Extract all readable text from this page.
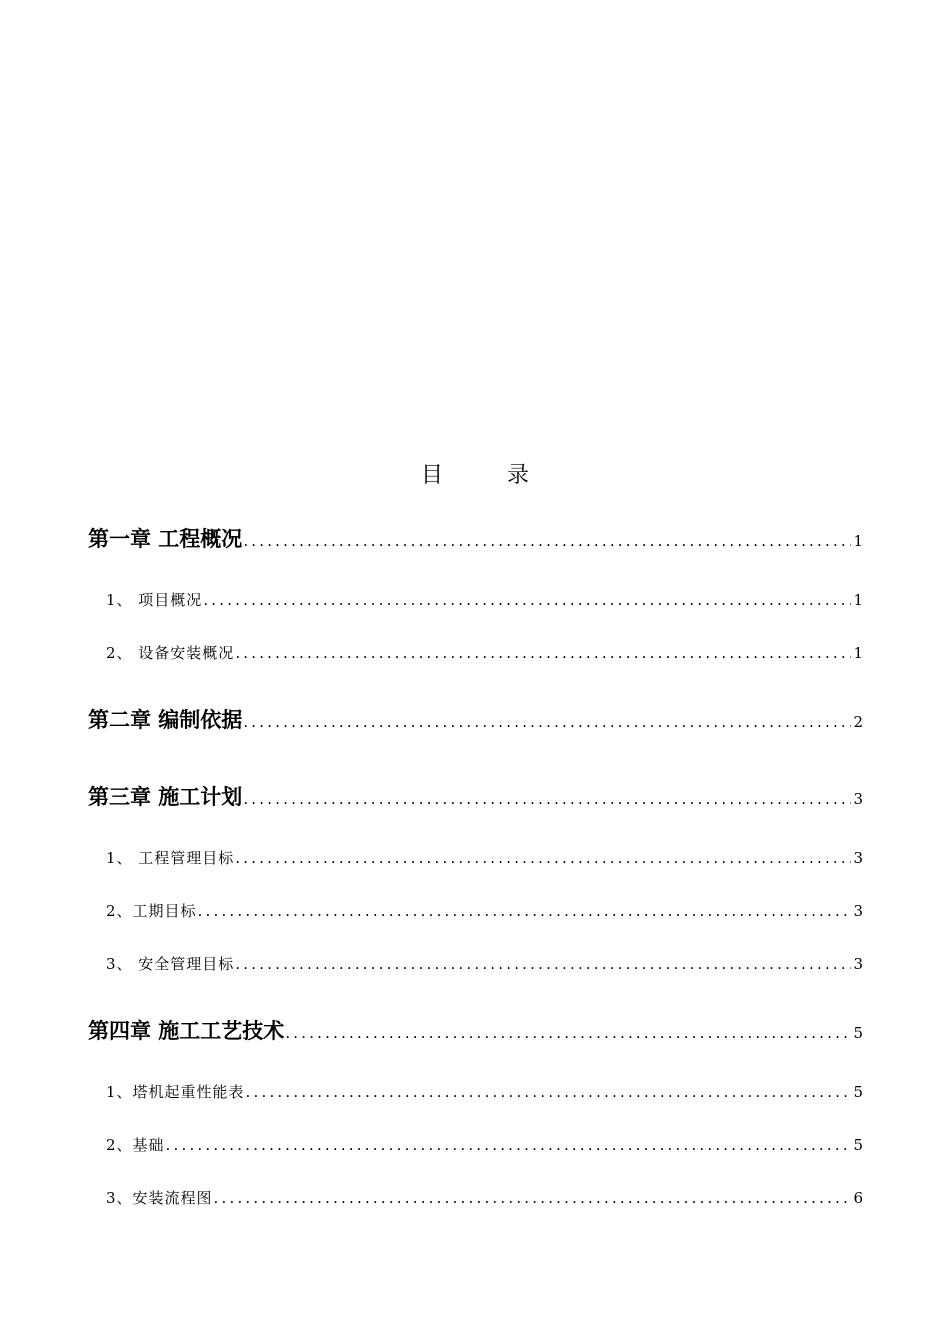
目	录
第一章 工程概况 .....	1
1、 项目概况 .....	1
2、 设备安装概况 .....	1
第二章 编制依据 .....	2
第三章 施工计划 .....	3
1、 工程管理目标 .....	3
2、工期目标 .....	3
3、 安全管理目标 .....	3
第四章 施工工艺技术 .....	5
1、塔机起重性能表 .....	5
2、基础 .....	5
3、安装流程图 .....	6
